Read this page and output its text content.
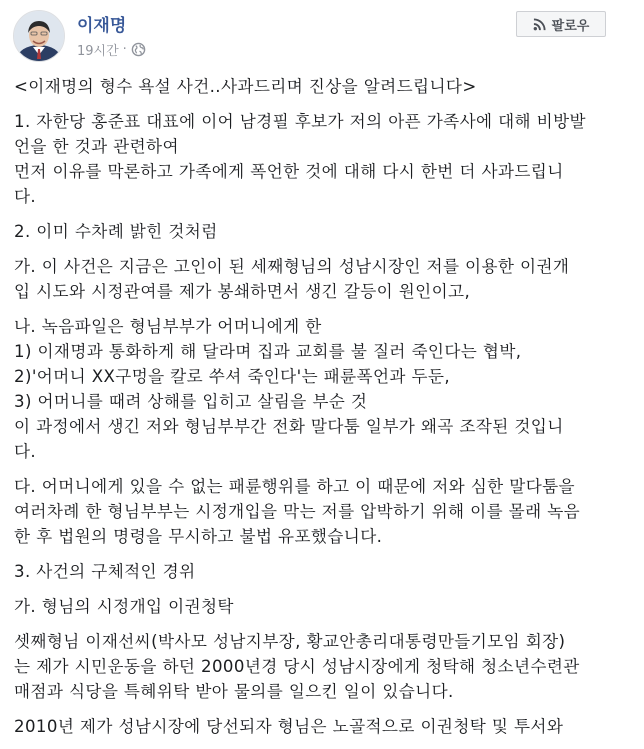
이재명
19시간 ·
팔로우

<이재명의 형수 욕설 사건..사과드리며 진상을 알려드립니다>

1. 자한당 홍준표 대표에 이어 남경필 후보가 저의 아픈 가족사에 대해 비방발
언을 한 것과 관련하여
먼저 이유를 막론하고 가족에게 폭언한 것에 대해 다시 한번 더 사과드립니
다.

2. 이미 수차례 밝힌 것처럼

가. 이 사건은 지금은 고인이 된 세째형님의 성남시장인 저를 이용한 이권개
입 시도와 시정관여를 제가 봉쇄하면서 생긴 갈등이 원인이고,

나. 녹음파일은 형님부부가 어머니에게 한
1) 이재명과 통화하게 해 달라며 집과 교회를 불 질러 죽인다는 협박,
2)'어머니 XX구멍을 칼로 쑤셔 죽인다'는 패륜폭언과 두둔,
3) 어머니를 때려 상해를 입히고 살림을 부순 것
이 과정에서 생긴 저와 형님부부간 전화 말다툼 일부가 왜곡 조작된 것입니
다.

다. 어머니에게 있을 수 없는 패륜행위를 하고 이 때문에 저와 심한 말다툼을
여러차례 한 형님부부는 시정개입을 막는 저를 압박하기 위해 이를 몰래 녹음
한 후 법원의 명령을 무시하고 불법 유포했습니다.

3. 사건의 구체적인 경위

가. 형님의 시정개입 이권청탁

셋째형님 이재선씨(박사모 성남지부장, 황교안총리대통령만들기모임 회장)
는 제가 시민운동을 하던 2000년경 당시 성남시장에게 청탁해 청소년수련관
매점과 식당을 특혜위탁 받아 물의를 일으킨 일이 있습니다.

2010년 제가 성남시장에 당선되자 형님은 노골적으로 이권청탁 및 투서와
